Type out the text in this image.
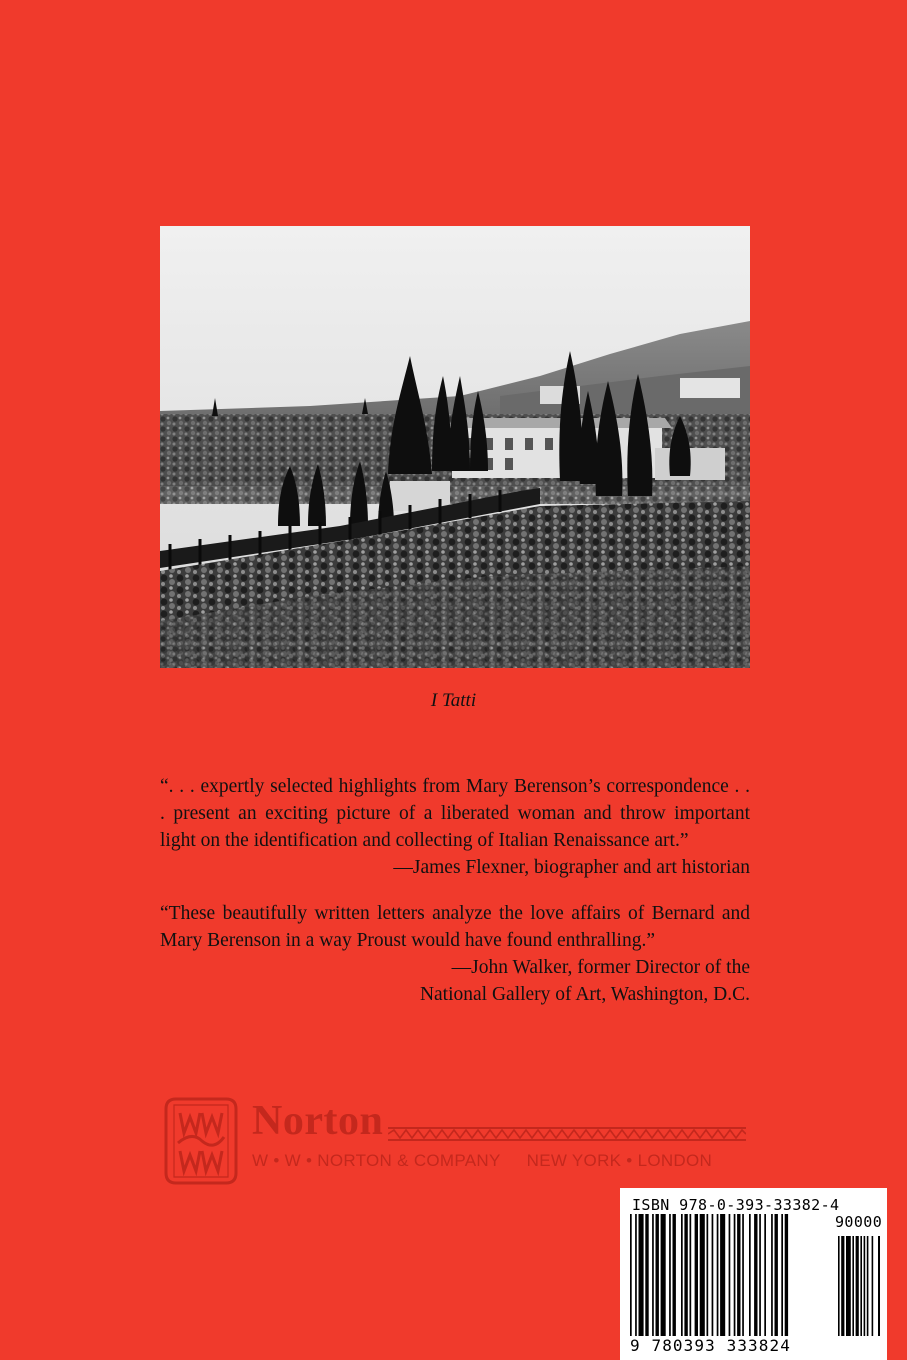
I Tatti

“. . . expertly selected highlights from Mary Berenson’s correspondence . . . present an exciting picture of a liberated woman and throw important light on the identification and collecting of Italian Renaissance art.”
—James Flexner, biographer and art historian

“These beautifully written letters analyze the love affairs of Bernard and Mary Berenson in a way Proust would have found enthralling.”

—John Walker, former Director of the
National Gallery of Art, Washington, D.C.
Norton
W • W • NORTON & COMPANY NEW YORK • LONDON
ISBN 978-0-393-33382-4
90000
9 780393 333824
